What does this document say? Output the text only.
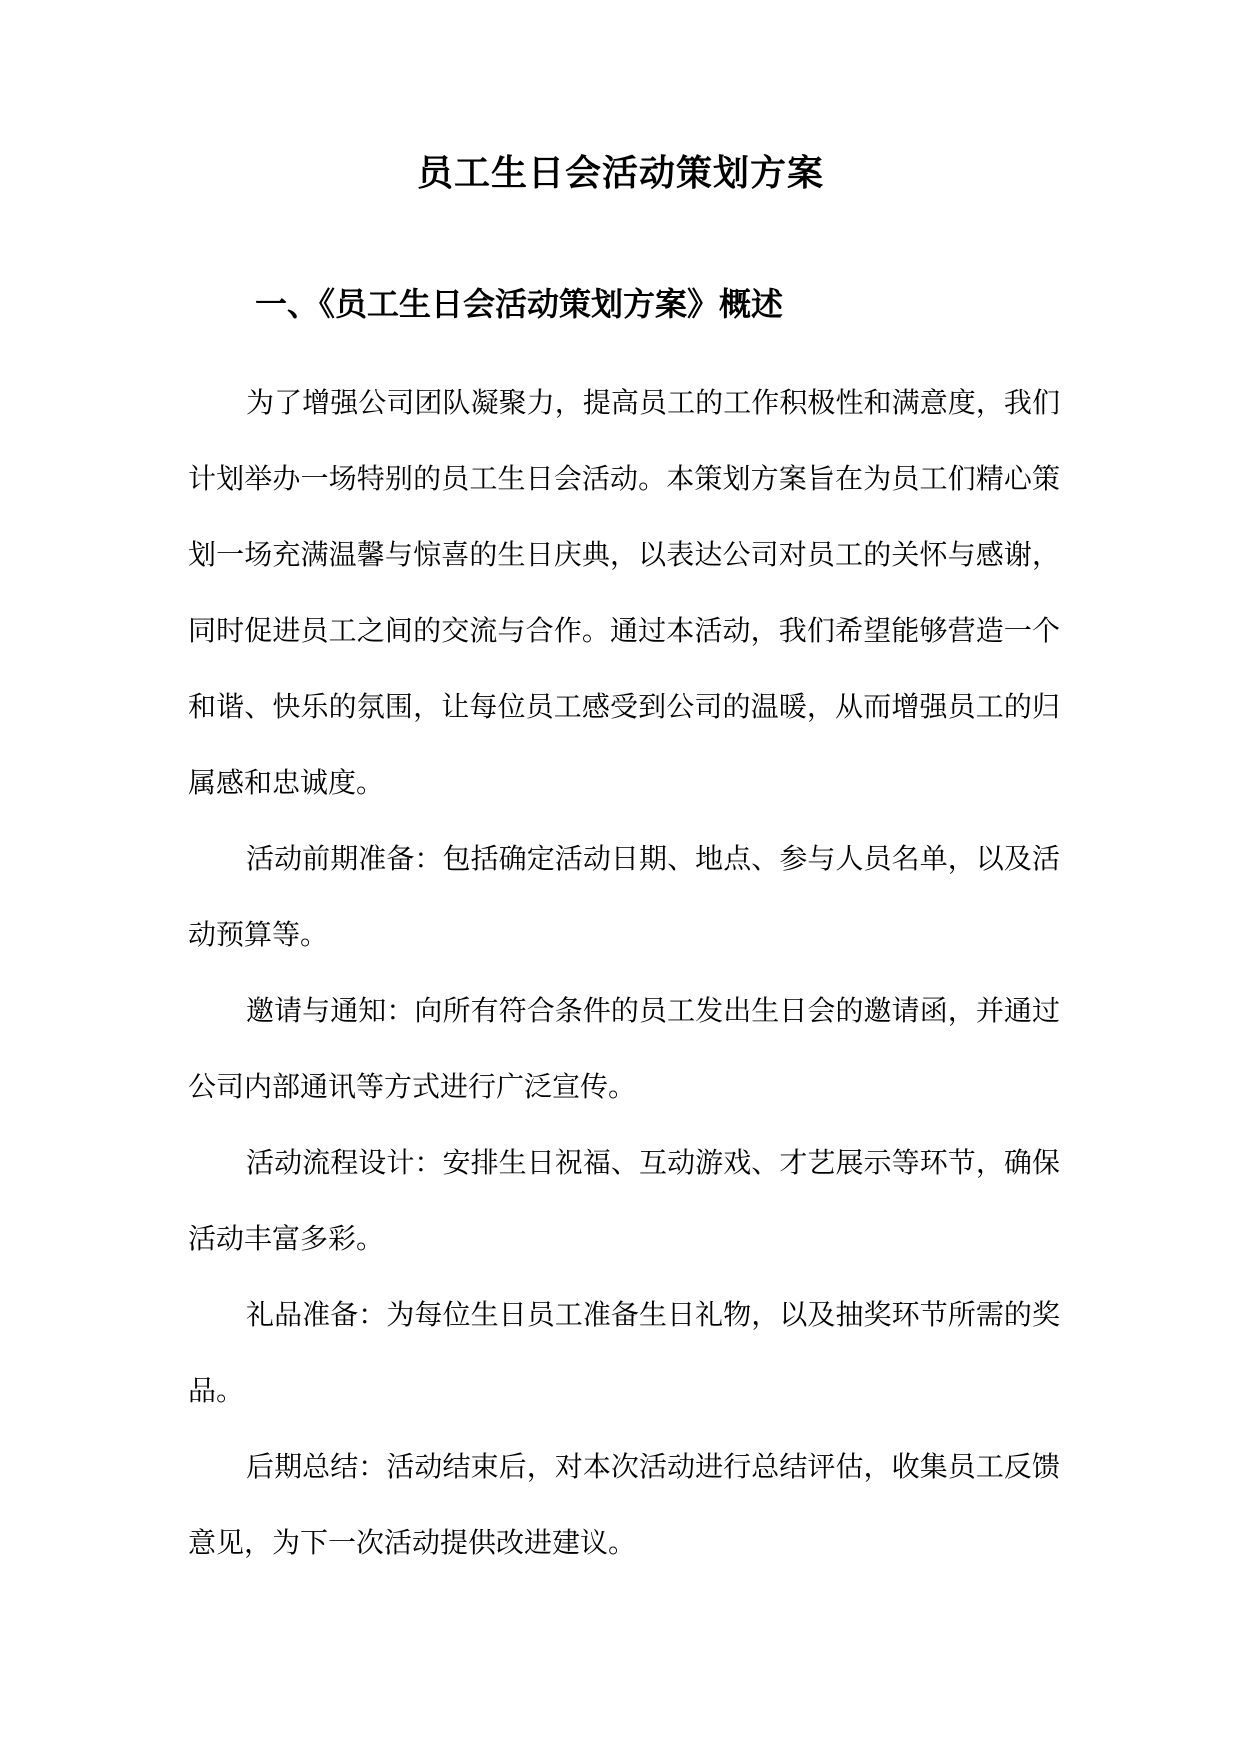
员工生日会活动策划方案
一、《员工生日会活动策划方案》概述

为了增强公司团队凝聚力，提高员工的工作积极性和满意度，我们计划举办一场特别的员工生日会活动。本策划方案旨在为员工们精心策划一场充满温馨与惊喜的生日庆典，以表达公司对员工的关怀与感谢，同时促进员工之间的交流与合作。通过本活动，我们希望能够营造一个和谐、快乐的氛围，让每位员工感受到公司的温暖，从而增强员工的归属感和忠诚度。

活动前期准备：包括确定活动日期、地点、参与人员名单，以及活动预算等。

邀请与通知：向所有符合条件的员工发出生日会的邀请函，并通过公司内部通讯等方式进行广泛宣传。

活动流程设计：安排生日祝福、互动游戏、才艺展示等环节，确保活动丰富多彩。

礼品准备：为每位生日员工准备生日礼物，以及抽奖环节所需的奖品。

后期总结：活动结束后，对本次活动进行总结评估，收集员工反馈意见，为下一次活动提供改进建议。
